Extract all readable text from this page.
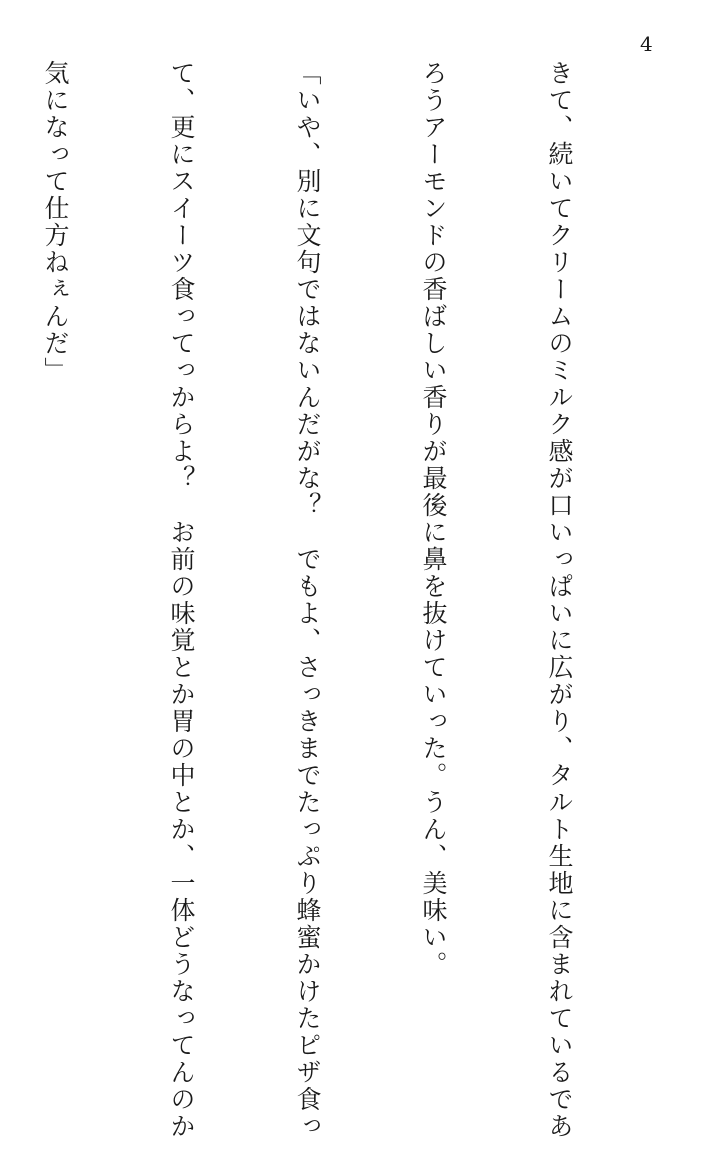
4

きて、続いてクリームのミルク感が口いっぱいに広がり、タルト生地に含まれているであ

ろうアーモンドの香ばしい香りが最後に鼻を抜けていった。うん、美味い。

「いや、別に文句ではないんだがな？　でもよ、さっきまでたっぷり蜂蜜かけたピザ食っ

て、更にスイーツ食ってっからよ？　お前の味覚とか胃の中とか、一体どうなってんのか

気になって仕方ねぇんだ」
